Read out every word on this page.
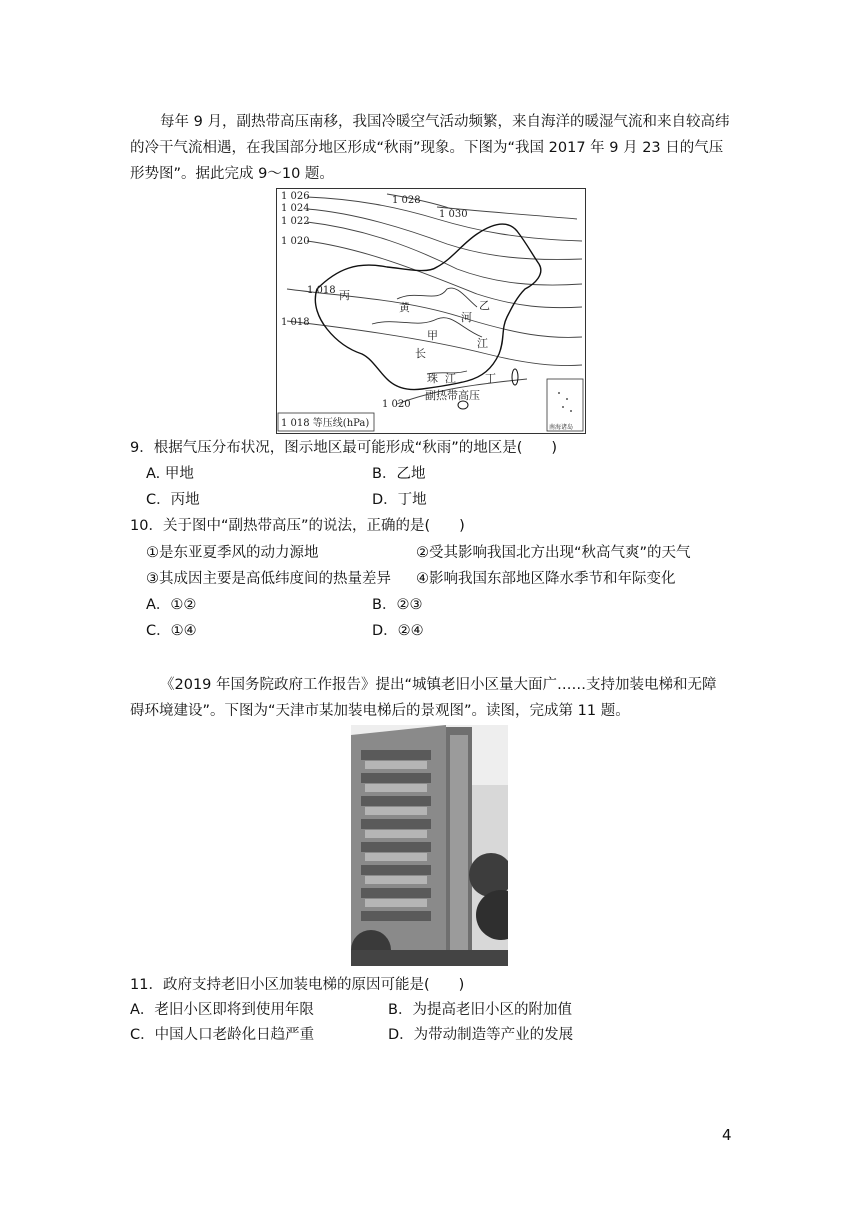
每年 9 月，副热带高压南移，我国冷暖空气活动频繁，来自海洋的暖湿气流和来自较高纬的冷干气流相遇，在我国部分地区形成“秋雨”现象。下图为“我国 2017 年 9 月 23 日的气压形势图”。据此完成 9～10 题。
1 026
1 024
1 022
1 020
1 018
1 018
1 028
1 030
1 020
丙
黄
河
乙
甲
长
江
珠 江	丁
副热带高压
1 018 等压线(hPa)	南海诸岛
9．根据气压分布状况，图示地区最可能形成“秋雨”的地区是(　　)
A. 甲地	B．乙地
C．丙地	D．丁地
10．关于图中“副热带高压”的说法，正确的是(　　)
①是东亚夏季风的动力源地	②受其影响我国北方出现“秋高气爽”的天气
③其成因主要是高低纬度间的热量差异 ④影响我国东部地区降水季节和年际变化
A．①②	B．②③
C．①④	D．②④
《2019 年国务院政府工作报告》提出“城镇老旧小区量大面广……支持加装电梯和无障碍环境建设”。下图为“天津市某加装电梯后的景观图”。读图，完成第 11 题。
11．政府支持老旧小区加装电梯的原因可能是(　　)
A．老旧小区即将到使用年限	B．为提高老旧小区的附加值
C．中国人口老龄化日趋严重	D．为带动制造等产业的发展
4
